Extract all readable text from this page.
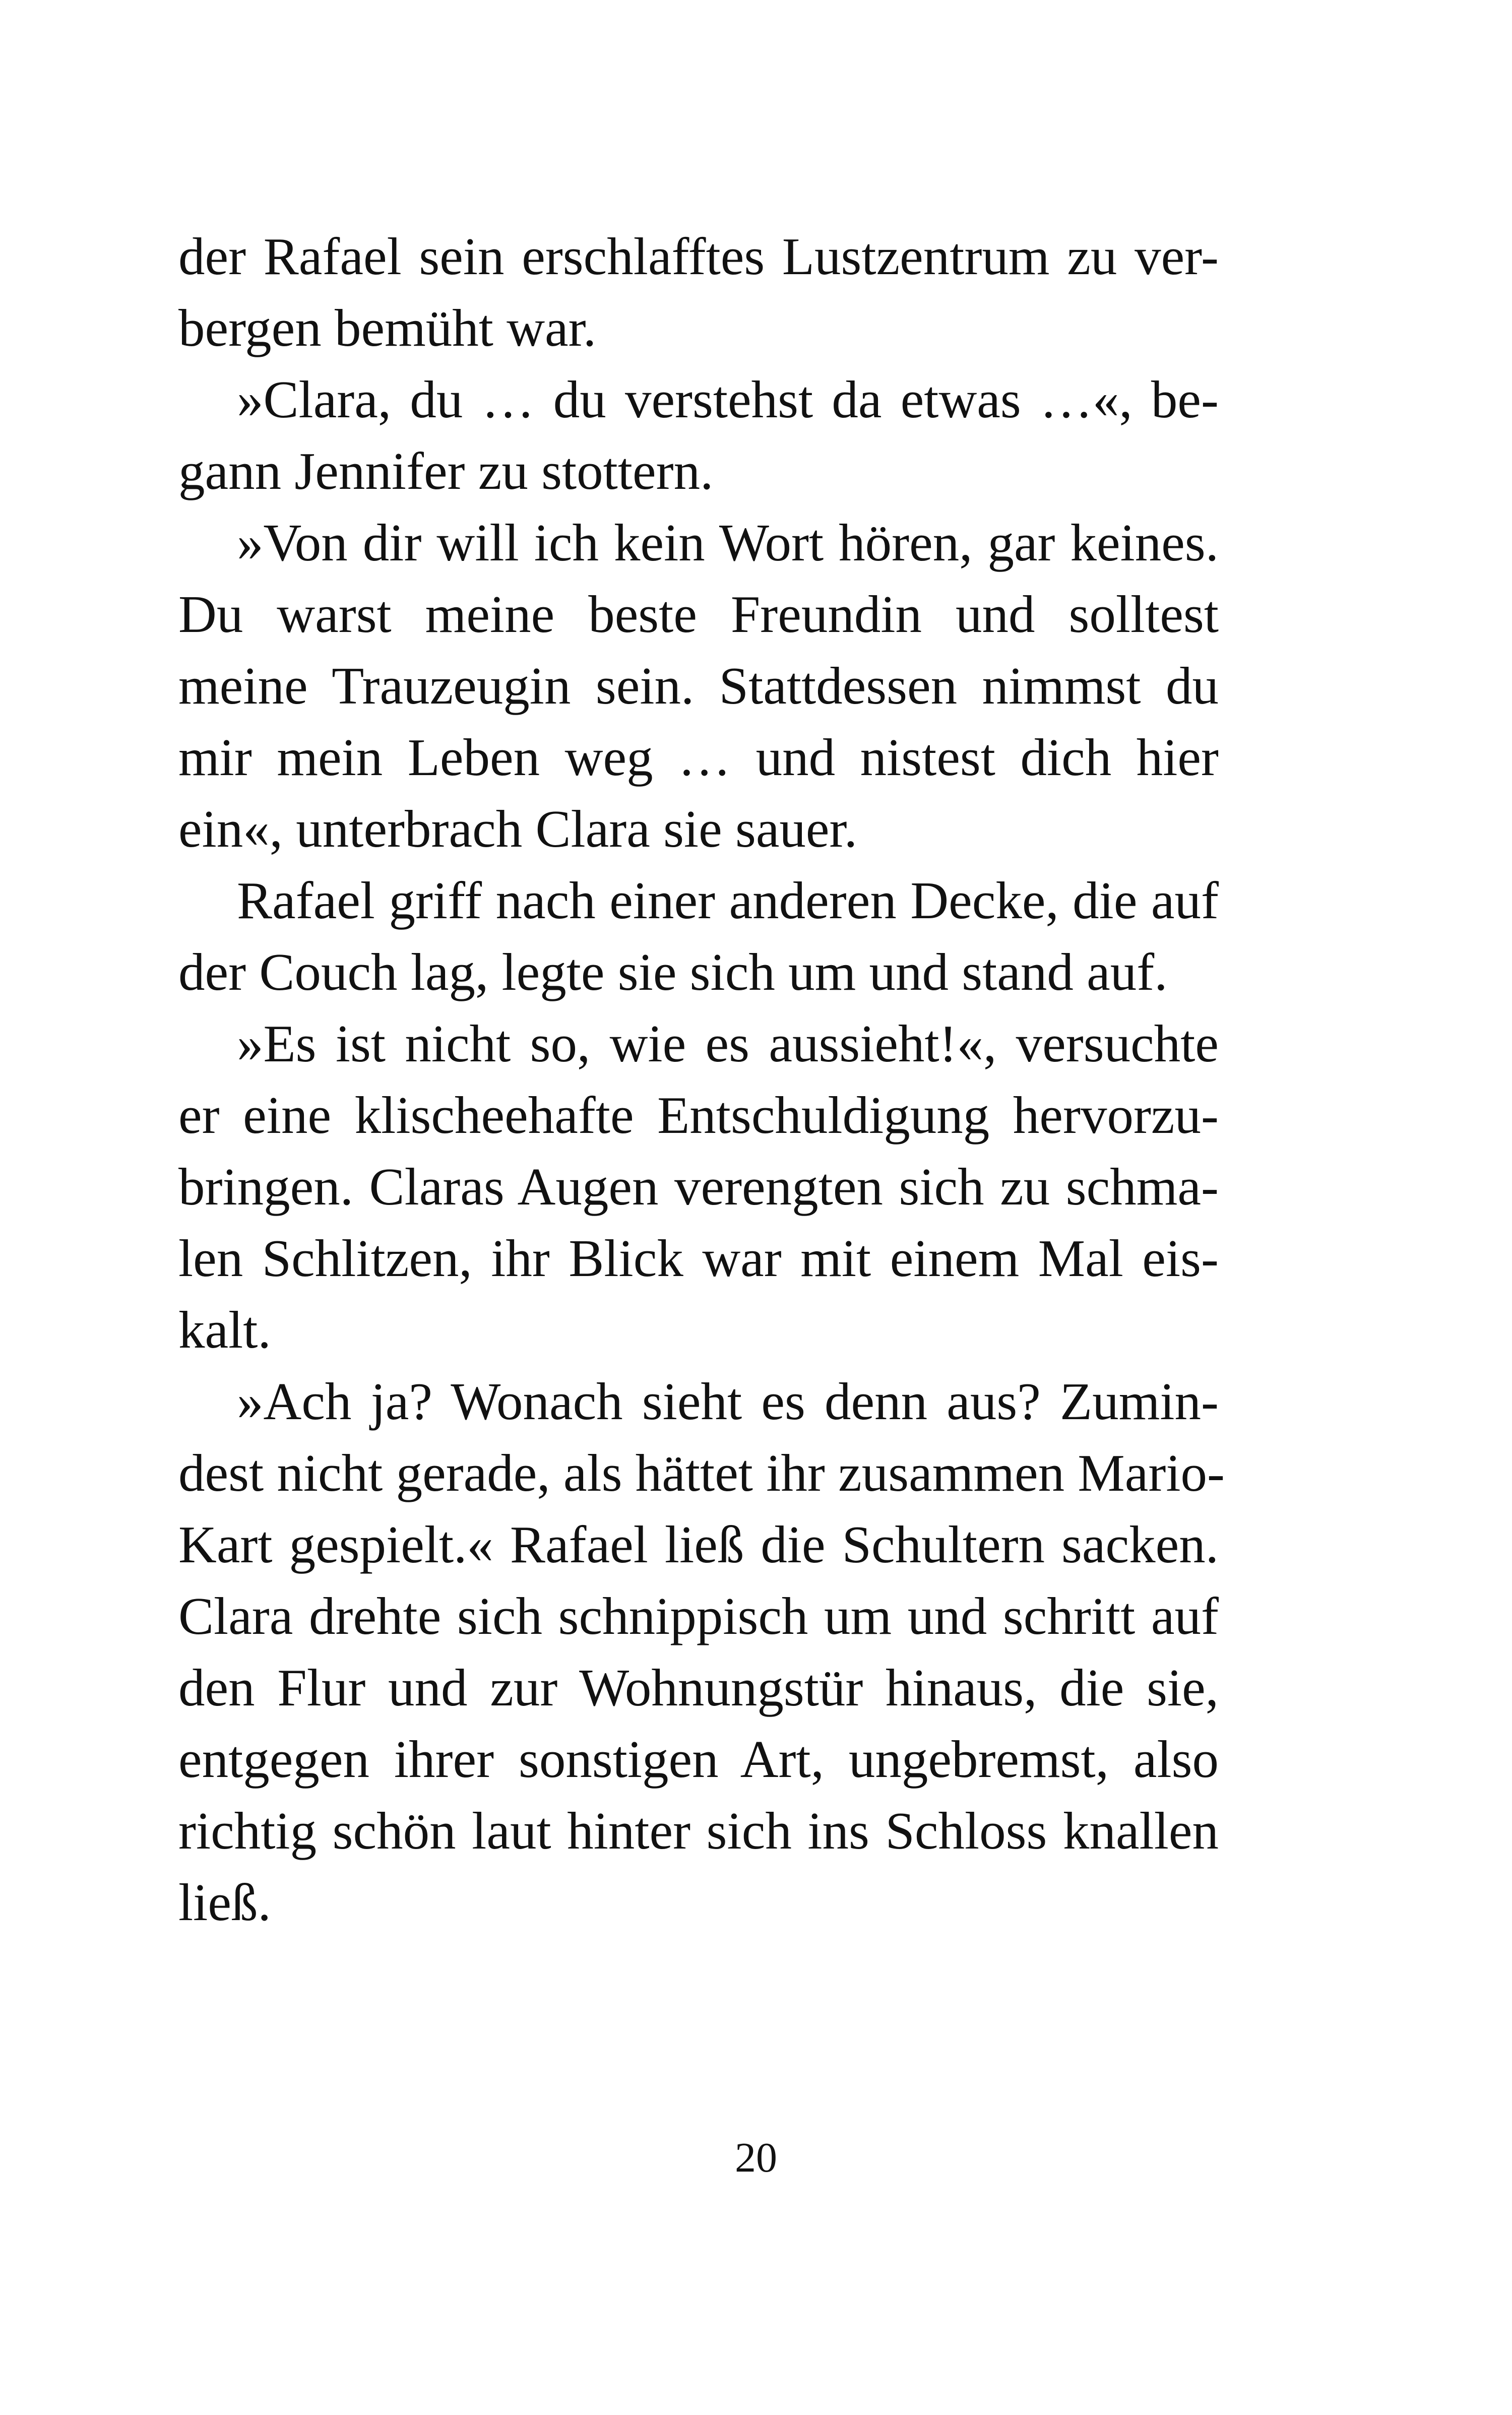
der Rafael sein erschlafftes Lustzentrum zu ver-
bergen bemüht war.
»Clara, du … du verstehst da etwas …«, be-
gann Jennifer zu stottern.
»Von dir will ich kein Wort hören, gar keines.
Du warst meine beste Freundin und solltest
meine Trauzeugin sein. Stattdessen nimmst du
mir mein Leben weg … und nistest dich hier
ein«, unterbrach Clara sie sauer.
Rafael griff nach einer anderen Decke, die auf
der Couch lag, legte sie sich um und stand auf.
»Es ist nicht so, wie es aussieht!«, versuchte
er eine klischeehafte Entschuldigung hervorzu-
bringen. Claras Augen verengten sich zu schma-
len Schlitzen, ihr Blick war mit einem Mal eis-
kalt.
»Ach ja? Wonach sieht es denn aus? Zumin-
dest nicht gerade, als hättet ihr zusammen Mario-
Kart gespielt.« Rafael ließ die Schultern sacken.
Clara drehte sich schnippisch um und schritt auf
den Flur und zur Wohnungstür hinaus, die sie,
entgegen ihrer sonstigen Art, ungebremst, also
richtig schön laut hinter sich ins Schloss knallen
ließ.
20
